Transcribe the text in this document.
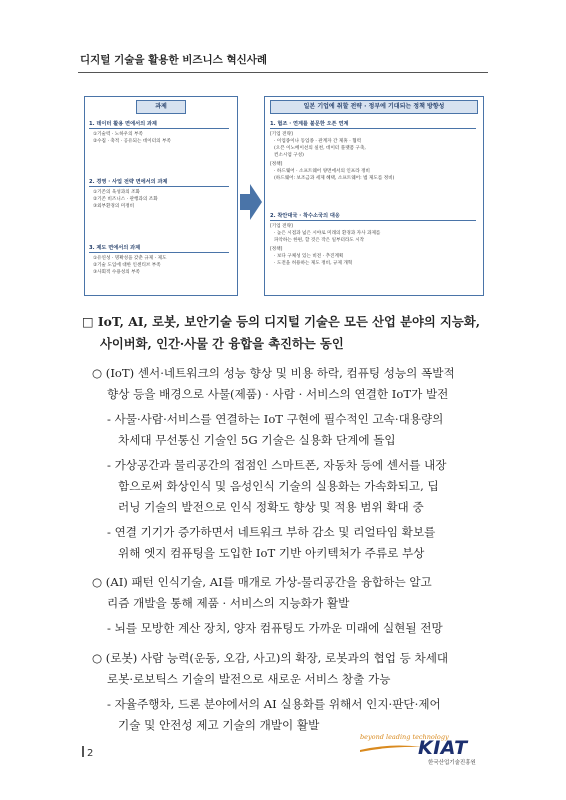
디지털 기술을 활용한 비즈니스 혁신사례
과제
1. 데이터 활용 면에서의 과제
①기술력 · 노하우의 부족
②수집 · 축적 · 공유되는 데이터의 부족
2. 경영 · 사업 전략 면에서의 과제
①기존의 육성과의 조화
②기존 비즈니스 · 관행과의 조화
③외부환경의 미정비
3. 제도 면에서의 과제
①유연성 · 명확성을 갖춘 규제 · 제도
②기술 도입에 대한 인센티브 부족
③사회적 수용성의 부족
일본 기업에 취할 전략 · 정부에 기대되는 정책 방향성
1. 협조 · 연계를 불문한 오픈 연계
[기업 전략]
· 이업종이나 동업종 · 관계자 간 제휴 · 협력
(오픈 이노베이션의 실천, 데이터 플랫폼 구축,
컨소시엄 구성)
[정책]
· 하드웨어 · 소프트웨어 양면에서의 인프라 정비
(하드웨어: 보조금과 세제 혜택, 소프트웨어: 법 제도를 정비)
2. 착안대국 · 착수소국의 대응
[기업 전략]
· 높은 시점과 넓은 시야로 미래의 환경과 자사 과제를
파악하는 한편, 할 것은 작은 일부터라도 시작
[정책]
· 보다 구체성 있는 비전 · 추진계획
· 도전을 허용하는 제도 정비, 규제 개혁
□ IoT, AI, 로봇, 보안기술 등의 디지털 기술은 모든 산업 분야의 지능화,
사이버화, 인간·사물 간 융합을 촉진하는 동인
○ (IoT) 센서·네트워크의 성능 향상 및 비용 하락, 컴퓨팅 성능의 폭발적
향상 등을 배경으로 사물(제품) · 사람 · 서비스의 연결한 IoT가 발전
- 사물·사람·서비스를 연결하는 IoT 구현에 필수적인 고속·대용량의
차세대 무선통신 기술인 5G 기술은 실용화 단계에 돌입
- 가상공간과 물리공간의 접점인 스마트폰, 자동차 등에 센서를 내장
함으로써 화상인식 및 음성인식 기술의 실용화는 가속화되고, 딥
러닝 기술의 발전으로 인식 정확도 향상 및 적용 범위 확대 중
- 연결 기기가 증가하면서 네트워크 부하 감소 및 리얼타임 확보를
위해 엣지 컴퓨팅을 도입한 IoT 기반 아키텍처가 주류로 부상
○ (AI) 패턴 인식기술, AI를 매개로 가상-물리공간을 융합하는 알고
리즘 개발을 통해 제품 · 서비스의 지능화가 활발
- 뇌를 모방한 계산 장치, 양자 컴퓨팅도 가까운 미래에 실현될 전망
○ (로봇) 사람 능력(운동, 오감, 사고)의 확장, 로봇과의 협업 등 차세대
로봇·로보틱스 기술의 발전으로 새로운 서비스 창출 가능
- 자율주행차, 드론 분야에서의 AI 실용화를 위해서 인지·판단·제어
기술 및 안전성 제고 기술의 개발이 활발
2
beyond leading technology
KIAT
한국산업기술진흥원
